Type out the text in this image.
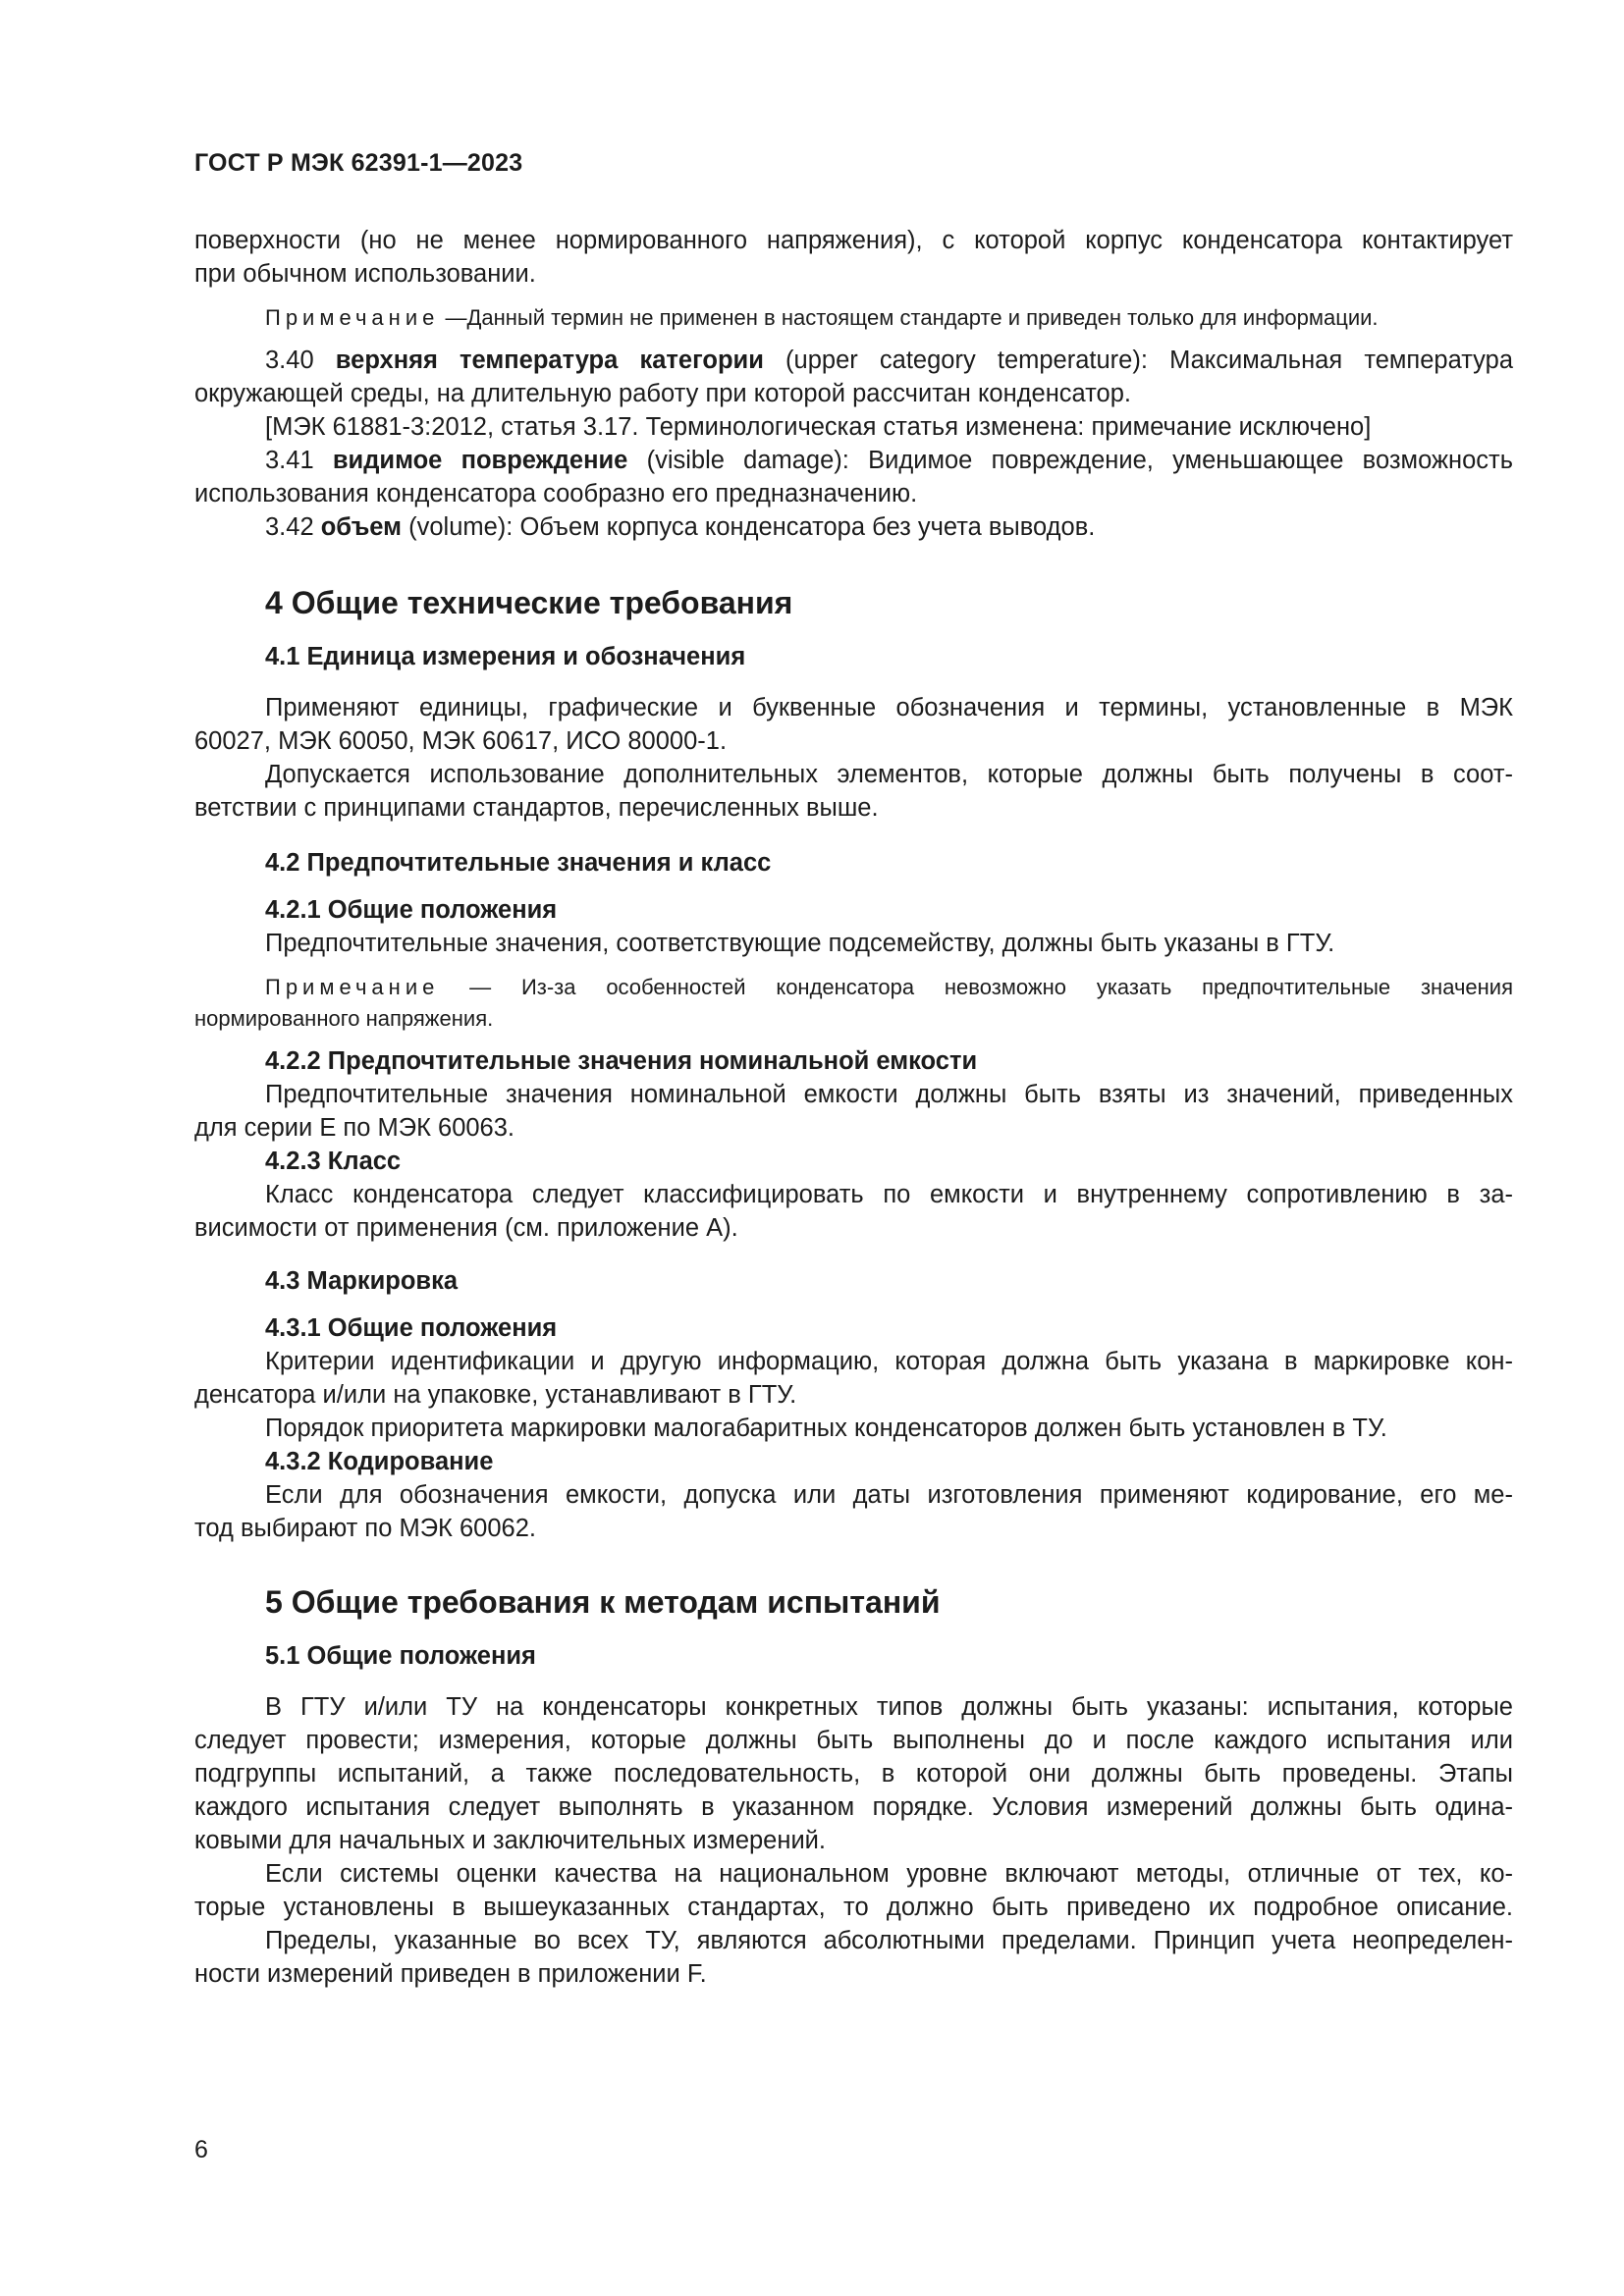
ГОСТ Р МЭК 62391-1—2023

поверхности (но не менее нормированного напряжения), с которой корпус конденсатора контактирует

при обычном использовании.

Примечание —Данный термин не применен в настоящем стандарте и приведен только для информации.

3.40 верхняя температура категории (upper category temperature): Максимальная температура

окружающей среды, на длительную работу при которой рассчитан конденсатор.

[МЭК 61881-3:2012, статья 3.17. Терминологическая статья изменена: примечание исключено]

3.41 видимое повреждение (visible damage): Видимое повреждение, уменьшающее возможность

использования конденсатора сообразно его предназначению.

3.42 объем (volume): Объем корпуса конденсатора без учета выводов.

4 Общие технические требования

4.1 Единица измерения и обозначения

Применяют единицы, графические и буквенные обозначения и термины, установленные в МЭК

60027, МЭК 60050, МЭК 60617, ИСО 80000-1.

Допускается использование дополнительных элементов, которые должны быть получены в соот-

ветствии с принципами стандартов, перечисленных выше.

4.2 Предпочтительные значения и класс

4.2.1 Общие положения

Предпочтительные значения, соответствующие подсемейству, должны быть указаны в ГТУ.

Примечание — Из-за особенностей конденсатора невозможно указать предпочтительные значения

нормированного напряжения.

4.2.2 Предпочтительные значения номинальной емкости

Предпочтительные значения номинальной емкости должны быть взяты из значений, приведенных

для серии Е по МЭК 60063.

4.2.3 Класс

Класс конденсатора следует классифицировать по емкости и внутреннему сопротивлению в за-

висимости от применения (см. приложение А).

4.3 Маркировка

4.3.1 Общие положения

Критерии идентификации и другую информацию, которая должна быть указана в маркировке кон-

денсатора и/или на упаковке, устанавливают в ГТУ.

Порядок приоритета маркировки малогабаритных конденсаторов должен быть установлен в ТУ.

4.3.2 Кодирование

Если для обозначения емкости, допуска или даты изготовления применяют кодирование, его ме-

тод выбирают по МЭК 60062.

5 Общие требования к методам испытаний

5.1 Общие положения

В ГТУ и/или ТУ на конденсаторы конкретных типов должны быть указаны: испытания, которые

следует провести; измерения, которые должны быть выполнены до и после каждого испытания или

подгруппы испытаний, а также последовательность, в которой они должны быть проведены. Этапы

каждого испытания следует выполнять в указанном порядке. Условия измерений должны быть одина-

ковыми для начальных и заключительных измерений.

Если системы оценки качества на национальном уровне включают методы, отличные от тех, ко-

торые установлены в вышеуказанных стандартах, то должно быть приведено их подробное описание.

Пределы, указанные во всех ТУ, являются абсолютными пределами. Принцип учета неопределен-

ности измерений приведен в приложении F.

6
